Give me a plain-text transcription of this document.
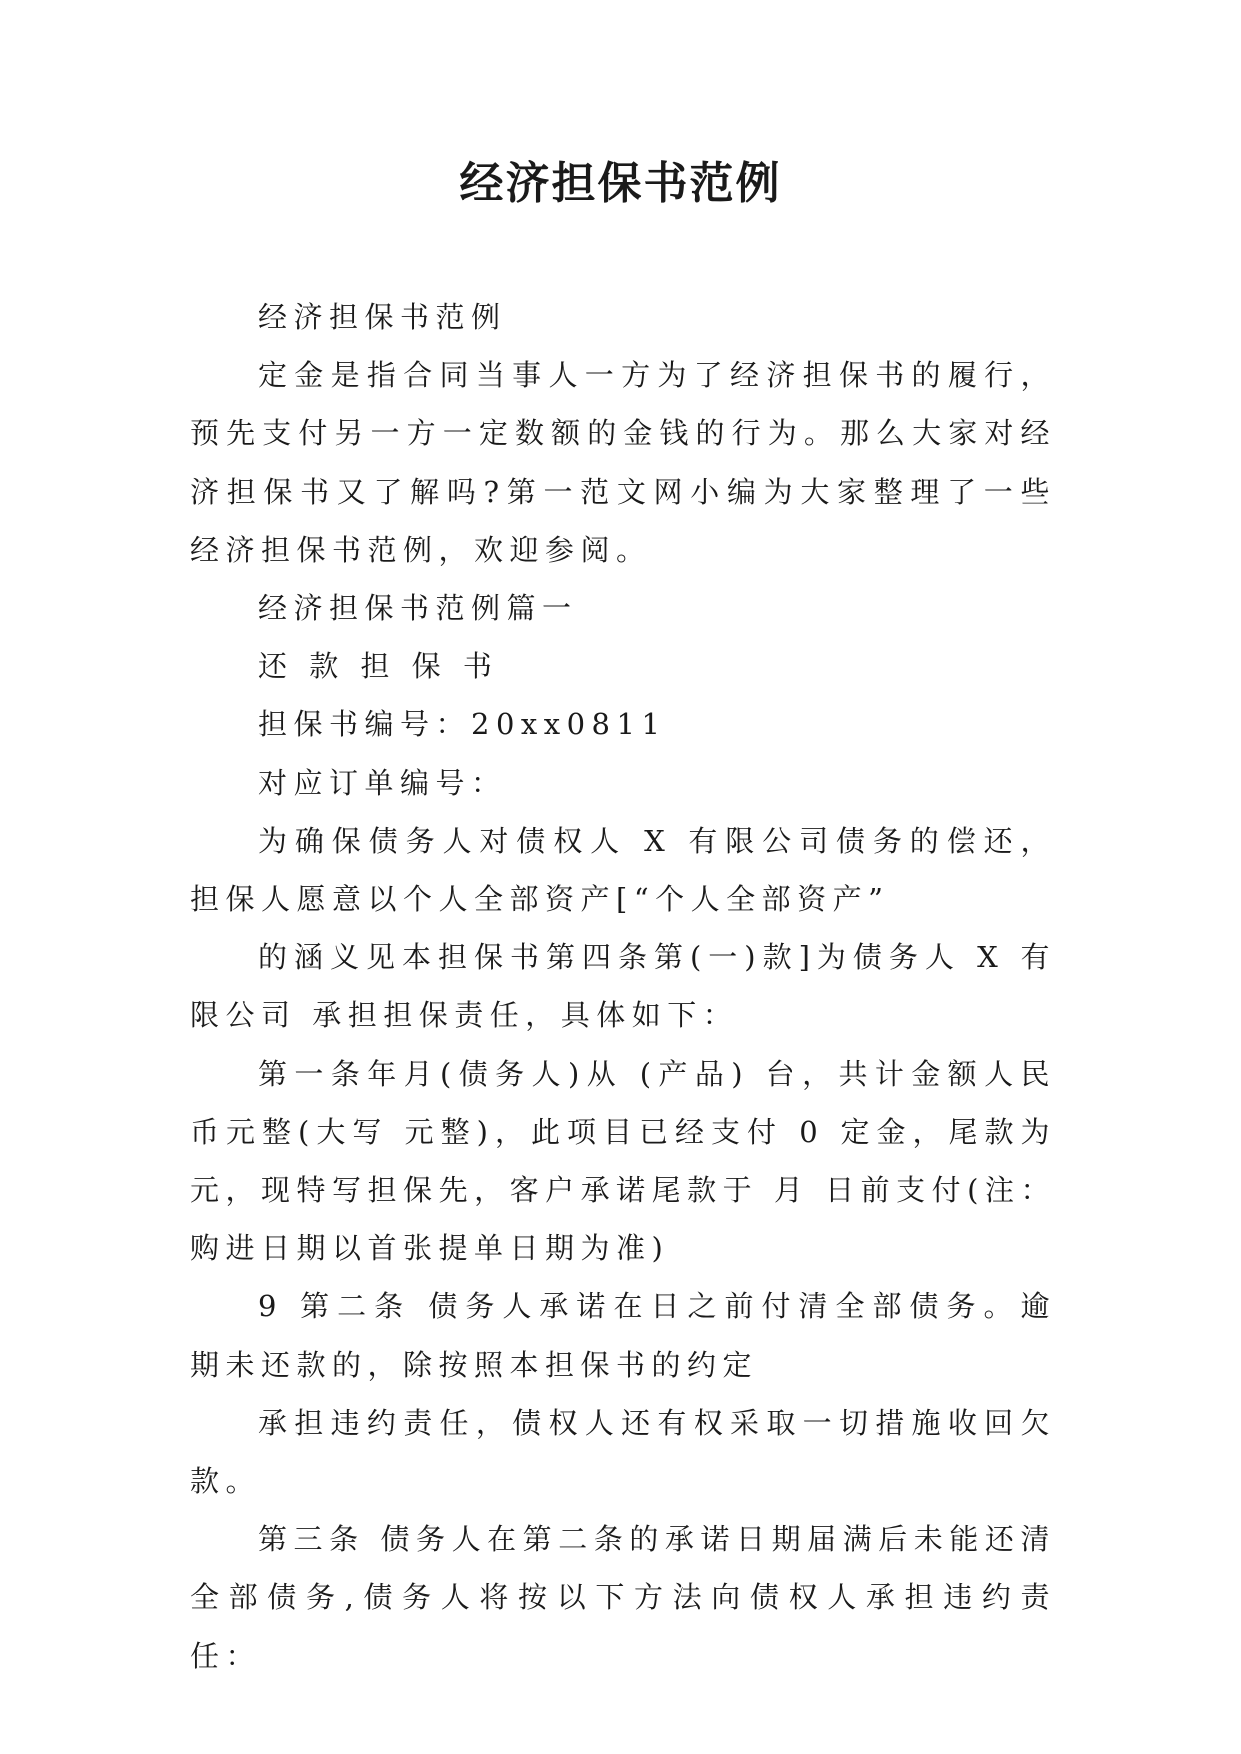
经济担保书范例

经济担保书范例

定金是指合同当事人一方为了经济担保书的履行，预先支付另一方一定数额的金钱的行为。那么大家对经济担保书又了解吗?第一范文网小编为大家整理了一些经济担保书范例，欢迎参阅。

经济担保书范例篇一

还 款 担 保 书

担保书编号：20xx0811

对应订单编号：

为确保债务人对债权人 X 有限公司债务的偿还，担保人愿意以个人全部资产[“个人全部资产”

的涵义见本担保书第四条第(一)款]为债务人 X 有限公司 承担担保责任，具体如下：

第一条年月(债务人)从 (产品) 台，共计金额人民币元整(大写 元整)，此项目已经支付 0 定金，尾款为 元，现特写担保先，客户承诺尾款于 月 日前支付(注：购进日期以首张提单日期为准)

9 第二条 债务人承诺在日之前付清全部债务。逾期未还款的，除按照本担保书的约定

承担违约责任，债权人还有权采取一切措施收回欠款。

第三条 债务人在第二条的承诺日期届满后未能还清全部债务,债务人将按以下方法向债权人承担违约责任：
